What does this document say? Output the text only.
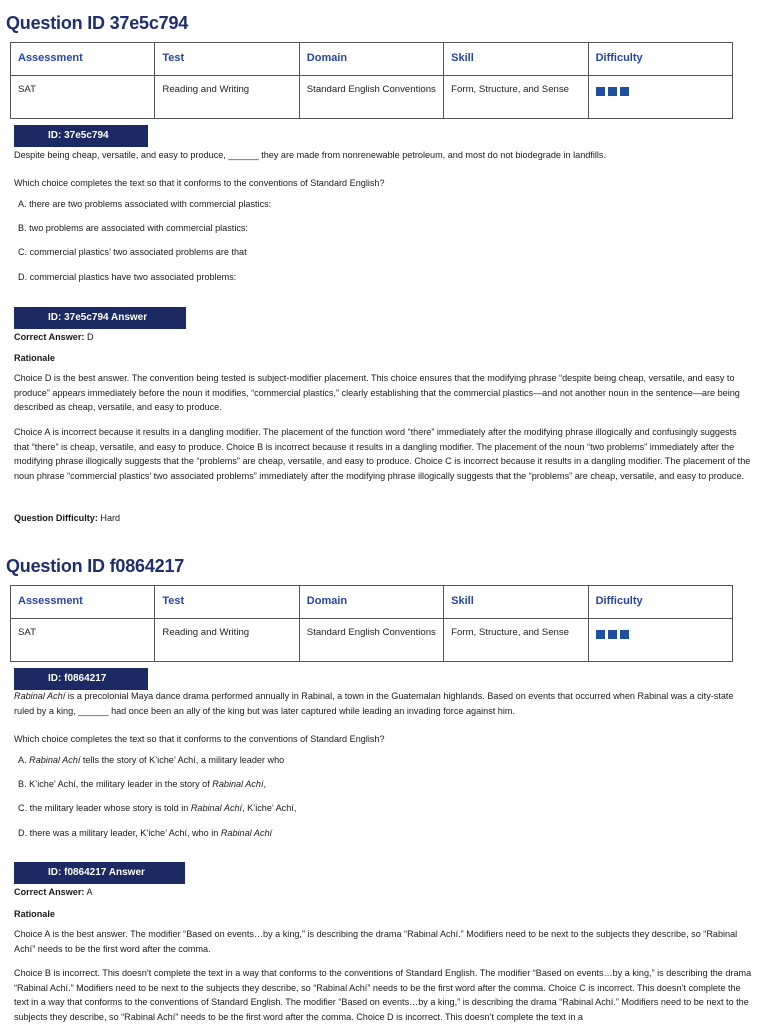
Question ID 37e5c794
Assessment	Test	Domain	Skill	Difficulty
SAT	Reading and Writing	Standard English Conventions	Form, Structure, and Sense	
ID: 37e5c794
Despite being cheap, versatile, and easy to produce, ______ they are made from nonrenewable petroleum, and most do not biodegrade in landfills.
Which choice completes the text so that it conforms to the conventions of Standard English?
A. there are two problems associated with commercial plastics:
B. two problems are associated with commercial plastics:
C. commercial plastics’ two associated problems are that
D. commercial plastics have two associated problems:
ID: 37e5c794 Answer
Correct Answer: D
Rationale
Choice D is the best answer. The convention being tested is subject-modifier placement. This choice ensures that the modifying phrase “despite being cheap, versatile, and easy to produce” appears immediately before the noun it modifies, “commercial plastics,” clearly establishing that the commercial plastics—and not another noun in the sentence—are being described as cheap, versatile, and easy to produce.
Choice A is incorrect because it results in a dangling modifier. The placement of the function word “there” immediately after the modifying phrase illogically and confusingly suggests that “there” is cheap, versatile, and easy to produce. Choice B is incorrect because it results in a dangling modifier. The placement of the noun “two problems” immediately after the modifying phrase illogically suggests that the “problems” are cheap, versatile, and easy to produce. Choice C is incorrect because it results in a dangling modifier. The placement of the noun phrase “commercial plastics’ two associated problems” immediately after the modifying phrase illogically suggests that the “problems” are cheap, versatile, and easy to produce.
Question Difficulty: Hard
Question ID f0864217
Assessment	Test	Domain	Skill	Difficulty
SAT	Reading and Writing	Standard English Conventions	Form, Structure, and Sense	
ID: f0864217
Rabinal Achí is a precolonial Maya dance drama performed annually in Rabinal, a town in the Guatemalan highlands. Based on events that occurred when Rabinal was a city-state ruled by a king, ______ had once been an ally of the king but was later captured while leading an invading force against him.
Which choice completes the text so that it conforms to the conventions of Standard English?
A. Rabinal Achí tells the story of K’iche’ Achí, a military leader who
B. K’iche’ Achí, the military leader in the story of Rabinal Achí,
C. the military leader whose story is told in Rabinal Achí, K’iche’ Achí,
D. there was a military leader, K’iche’ Achí, who in Rabinal Achí
ID: f0864217 Answer
Correct Answer: A
Rationale
Choice A is the best answer. The modifier “Based on events…by a king,” is describing the drama “Rabinal Achí.” Modifiers need to be next to the subjects they describe, so “Rabinal Achí” needs to be the first word after the comma.
Choice B is incorrect. This doesn’t complete the text in a way that conforms to the conventions of Standard English. The modifier “Based on events…by a king,” is describing the drama “Rabinal Achí.” Modifiers need to be next to the subjects they describe, so “Rabinal Achí” needs to be the first word after the comma. Choice C is incorrect. This doesn’t complete the text in a way that conforms to the conventions of Standard English. The modifier “Based on events…by a king,” is describing the drama “Rabinal Achí.” Modifiers need to be next to the subjects they describe, so “Rabinal Achí” needs to be the first word after the comma. Choice D is incorrect. This doesn’t complete the text in a
